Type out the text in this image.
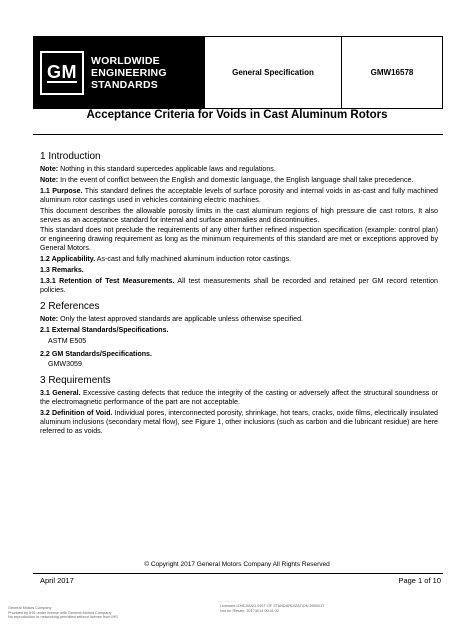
GM
WORLDWIDE
ENGINEERING
STANDARDS
General Specification	GMW16578
Acceptance Criteria for Voids in Cast Aluminum Rotors
1 Introduction

Note: Nothing in this standard supercedes applicable laws and regulations.

Note: In the event of conflict between the English and domestic language, the English language shall take precedence.

1.1 Purpose. This standard defines the acceptable levels of surface porosity and internal voids in as-cast and fully machined aluminum rotor castings used in vehicles containing electric machines.

This document describes the allowable porosity limits in the cast aluminum regions of high pressure die cast rotors. It also serves as an acceptance standard for internal and surface anomalies and discontinuities.

This standard does not preclude the requirements of any other further refined inspection specification (example: control plan) or engineering drawing requirement as long as the minimum requirements of this standard are met or exceptions approved by General Motors.

1.2 Applicability. As-cast and fully machined aluminum induction rotor castings.

1.3 Remarks.

1.3.1 Retention of Test Measurements. All test measurements shall be recorded and retained per GM record retention policies.

2 References

Note: Only the latest approved standards are applicable unless otherwise specified.

2.1 External Standards/Specifications.

ASTM E505

2.2 GM Standards/Specifications.

GMW3059

3 Requirements

3.1 General. Excessive casting defects that reduce the integrity of the casting or adversely affect the structural soundness or the electromagnetic performance of the part are not acceptable.

3.2 Definition of Void. Individual pores, interconnected porosity, shrinkage, hot tears, cracks, oxide films, electrically insulated aluminum inclusions (secondary metal flow), see Figure 1, other inclusions (such as carbon and die lubricant residue) are here referred to as voids.

© Copyright 2017 General Motors Company All Rights Reserved
April 2017	Page 1 of 10
--- --- ---
General Motors Company
Provided by IHS under license with General Motors Company
No reproduction or networking permitted without license from IHS
Licensee=ZHEJIANG INST OF STANDARDIZATION 5950017
Not for Resale, 2017/6/14 00:41:32
